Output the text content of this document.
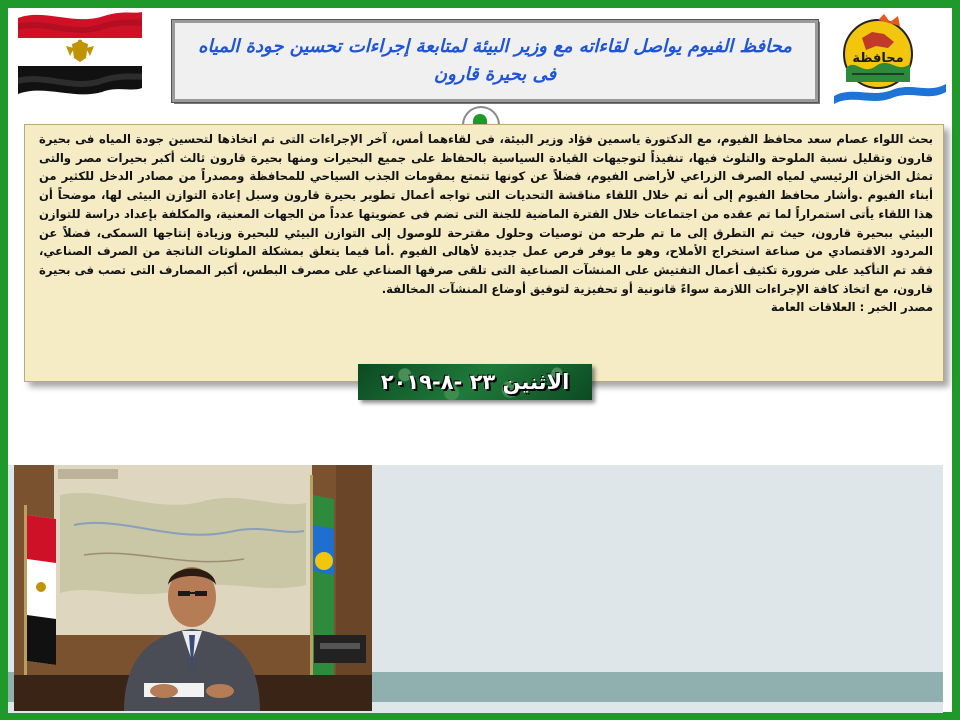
محافظة

محافظ الفيوم يواصل لقاءاته مع وزير البيئة لمتابعة إجراءات تحسين جودة المياه فى بحيرة قارون

بحث اللواء عصام سعد محافظ الفيوم، مع الدكتورة ياسمين فؤاد وزير البيئة، فى لقاءهما أمس، آخر الإجراءات التى تم اتخاذها لتحسين جودة المياه فى بحيرة قارون وتقليل نسبة الملوحة والتلوث فيها، تنفيذاً لتوجيهات القيادة السياسية بالحفاظ على جميع البحيرات ومنها بحيرة قارون ثالث أكبر بحيرات مصر والتى تمثل الخزان الرئيسي لمياه الصرف الزراعي لأراضى الفيوم، فضلاً عن كونها تتمتع بمقومات الجذب السياحي للمحافظة ومصدراً من مصادر الدخل للكثير من أبناء الفيوم .وأشار محافظ الفيوم إلى أنه تم خلال اللقاء مناقشة التحديات التى تواجه أعمال تطوير بحيرة قارون وسبل إعادة التوازن البيئى لها، موضحاً أن هذا اللقاء يأتى استمراراً لما تم عقده من اجتماعات خلال الفترة الماضية للجنة التى تضم فى عضويتها عدداً من الجهات المعنية، والمكلفة بإعداد دراسة للتوازن البيئي ببحيرة قارون، حيث تم التطرق إلى ما تم طرحه من توصيات وحلول مقترحة للوصول إلى التوازن البيئي للبحيرة وزيادة إنتاجها السمكى، فضلاً عن المردود الاقتصادي من صناعة استخراج الأملاح، وهو ما يوفر فرص عمل جديدة لأهالى الفيوم .أما فيما يتعلق بمشكلة الملوثات الناتجة من الصرف الصناعي، فقد تم التأكيد على ضرورة تكثيف أعمال التفتيش على المنشآت الصناعية التى تلقى صرفها الصناعي على مصرف البطس، أكبر المصارف التى تصب فى بحيرة قارون، مع اتخاذ كافة الإجراءات اللازمة سواءً قانونية أو تحفيزية لتوفيق أوضاع المنشآت المخالفة.

مصدر الخبر : العلاقات العامة

الاثنين ٢٣ -٨-٢٠١٩
